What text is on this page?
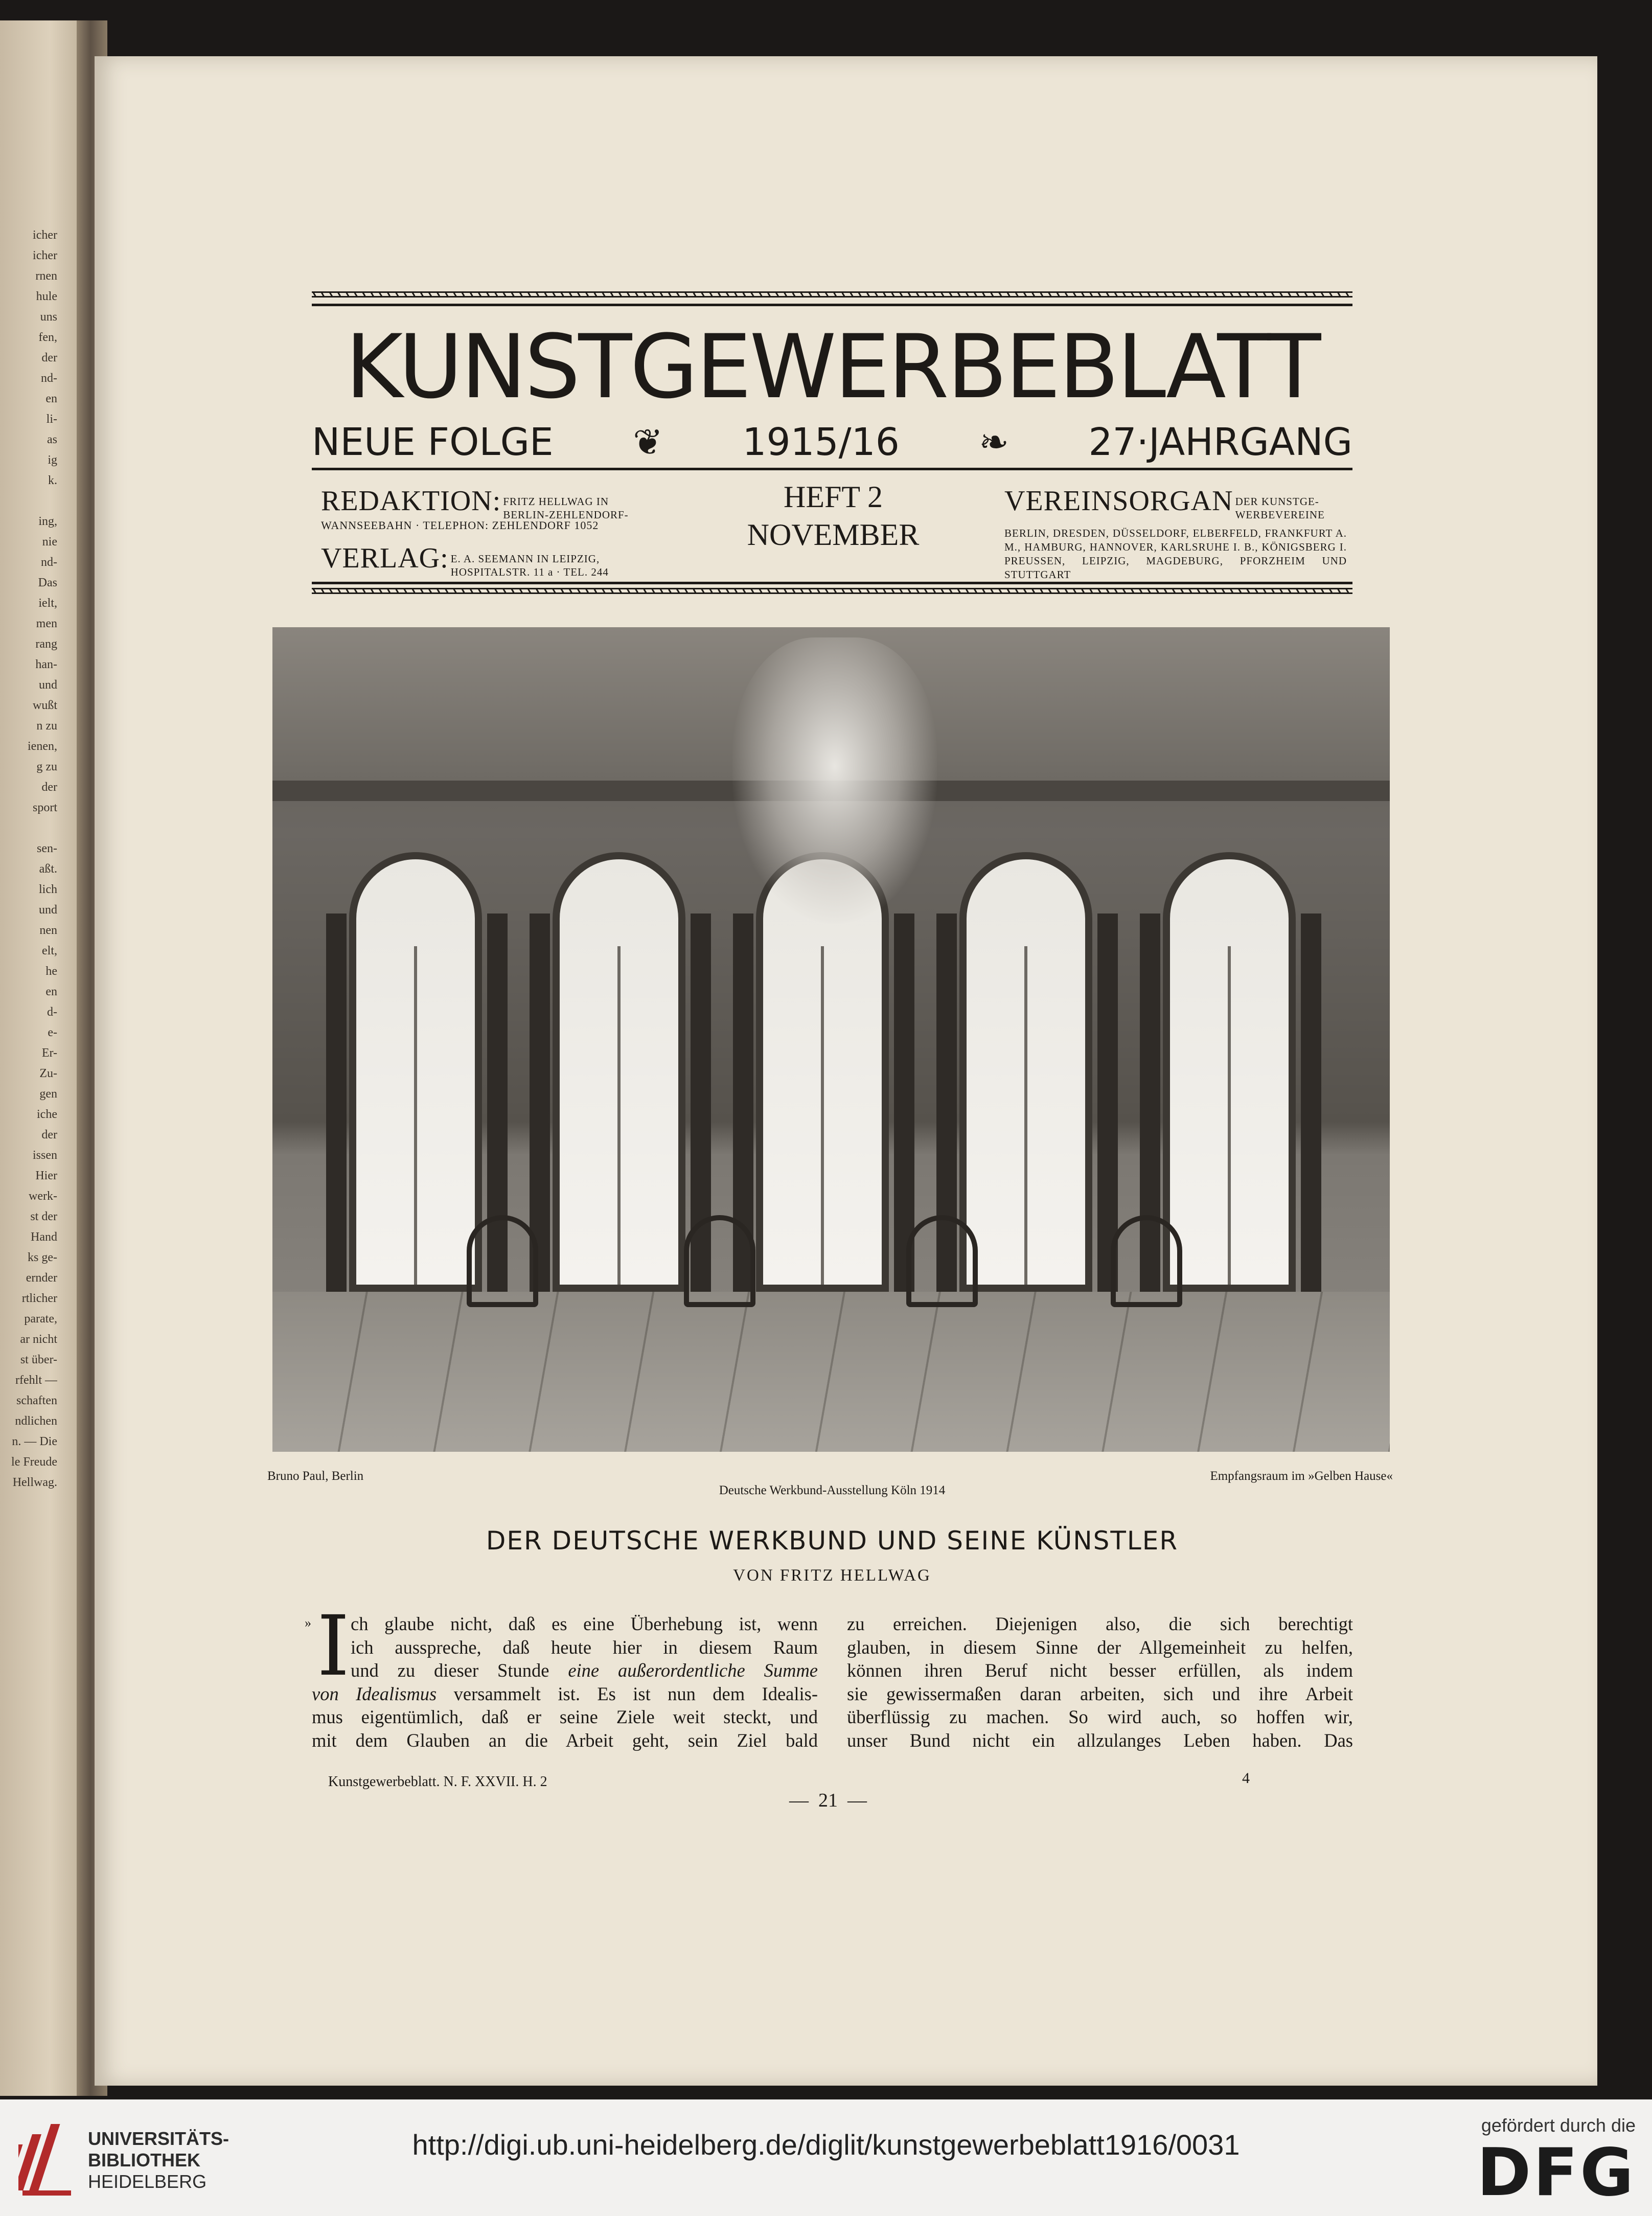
icher
icher
rnen
hule
uns
fen,
der
nd-
en
li-
as
ig
k.

ing,
nie
nd-
Das
ielt,
men
rang
han-
und
wußt
n zu
ienen,
g zu
der
sport

sen-
aßt.
lich
und
nen
elt,
he
en
d-
e-
Er-
Zu-
gen
iche
der
issen
Hier
werk-
st der
Hand
ks ge-
ernder
rtlicher
parate,
ar nicht
st über-
rfehlt —
schaften
ndlichen
n. — Die
le Freude
Hellwag.
KUNSTGEWERBEBLATT
NEUE FOLGE ❦ 1915/16 ❧ 27·JAHRGANG
REDAKTION: FRITZ HELLWAG IN
BERLIN-ZEHLENDORF-
WANNSEEBAHN · TELEPHON: ZEHLENDORF 1052
VERLAG: E. A. SEEMANN IN LEIPZIG,
HOSPITALSTR. 11 a · TEL. 244
HEFT 2
NOVEMBER
VEREINSORGAN DER KUNSTGE-
WERBEVEREINE
BERLIN, DRESDEN, DÜSSELDORF, ELBERFELD, FRANKFURT A. M., HAMBURG, HANNOVER, KARLSRUHE I. B., KÖNIGSBERG I. PREUSSEN, LEIPZIG, MAGDEBURG, PFORZHEIM UND STUTTGART
Bruno Paul, Berlin
Deutsche Werkbund-Ausstellung Köln 1914
Empfangsraum im »Gelben Hause«
DER DEUTSCHE WERKBUND UND SEINE KÜNSTLER
VON FRITZ HELLWAG
» I ch glaube nicht, daß es eine Überhebung ist, wenn
ich ausspreche, daß heute hier in diesem Raum
und zu dieser Stunde eine außerordentliche Summe
von Idealismus versammelt ist. Es ist nun dem Idealis-
mus eigentümlich, daß er seine Ziele weit steckt, und
mit dem Glauben an die Arbeit geht, sein Ziel bald
zu erreichen. Diejenigen also, die sich berechtigt
glauben, in diesem Sinne der Allgemeinheit zu helfen,
können ihren Beruf nicht besser erfüllen, als indem
sie gewissermaßen daran arbeiten, sich und ihre Arbeit
überflüssig zu machen. So wird auch, so hoffen wir,
unser Bund nicht ein allzulanges Leben haben. Das
Kunstgewerbeblatt. N. F. XXVII. H. 2	4
—  21  —
UNIVERSITÄTS-
BIBLIOTHEK
HEIDELBERG
http://digi.ub.uni-heidelberg.de/diglit/kunstgewerbeblatt1916/0031
gefördert durch die
DFG
